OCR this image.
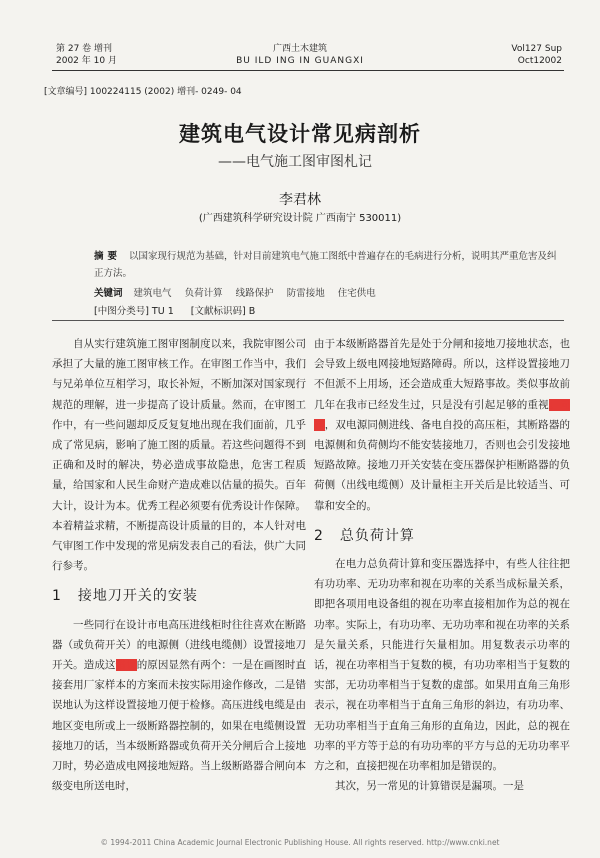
第 27 卷 增刊
2002 年 10 月
广西土木建筑
BU ILD ING IN GUANGXI
Vol127 Sup
Oct12002
[文章编号] 100224115 (2002) 增刊- 0249- 04
建筑电气设计常见病剖析
——电气施工图审图札记
李君林
(广西建筑科学研究设计院 广西南宁 530011)
摘要 以国家现行规范为基础，针对目前建筑电气施工图纸中普遍存在的毛病进行分析，说明其严重危害及纠正方法。
关键词 建筑电气 负荷计算 线路保护 防雷接地 住宅供电
[中图分类号] TU 1 [文献标识码] B

自从实行建筑施工图审图制度以来，我院审图公司承担了大量的施工图审核工作。在审图工作当中，我们与兄弟单位互相学习，取长补短，不断加深对国家现行规范的理解，进一步提高了设计质量。然而，在审图工作中，有一些问题却反反复复地出现在我们面前，几乎成了常见病，影响了施工图的质量。若这些问题得不到正确和及时的解决，势必造成事故隐患，危害工程质量，给国家和人民生命财产造成难以估量的损失。百年大计，设计为本。优秀工程必须要有优秀设计作保障。本着精益求精，不断提高设计质量的目的，本人针对电气审图工作中发现的常见病发表自己的看法，供广大同行参考。

1 接地刀开关的安装

一些同行在设计市电高压进线柜时往往喜欢在断路器（或负荷开关）的电源侧（进线电缆侧）设置接地刀开关。造成这错误的原因显然有两个：一是在画图时直接套用厂家样本的方案而未按实际用途作修改，二是错误地认为这样设置接地刀便于检修。高压进线电缆是由地区变电所或上一级断路器控制的，如果在电缆侧设置接地刀的话，当本级断路器或负荷开关分闸后合上接地刀时，势必造成电网接地短路。当上级断路器合闸向本级变电所送电时，

由于本级断路器首先是处于分闸和接地刀接地状态，也会导致上级电网接地短路障碍。所以，这样设置接地刀不但派不上用场，还会造成重大短路事故。类似事故前几年在我市已经发生过，只是没有引起足够的重视。同样，双电源同侧进线、备电自投的高压柜，其断路器的电源侧和负荷侧均不能安装接地刀，否则也会引发接地短路故障。接地刀开关安装在变压器保护柜断路器的负荷侧（出线电缆侧）及计量柜主开关后是比较适当、可靠和安全的。

2 总负荷计算

在电力总负荷计算和变压器选择中，有些人往往把有功功率、无功功率和视在功率的关系当成标量关系，即把各项用电设备组的视在功率直接相加作为总的视在功率。实际上，有功功率、无功功率和视在功率的关系是矢量关系，只能进行矢量相加。用复数表示功率的话，视在功率相当于复数的模，有功功率相当于复数的实部，无功功率相当于复数的虚部。如果用直角三角形表示，视在功率相当于直角三角形的斜边，有功功率、无功功率相当于直角三角形的直角边，因此，总的视在功率的平方等于总的有功功率的平方与总的无功功率平方之和，直接把视在功率相加是错误的。

其次，另一常见的计算错误是漏项。一是

© 1994-2011 China Academic Journal Electronic Publishing House. All rights reserved. http://www.cnki.net
